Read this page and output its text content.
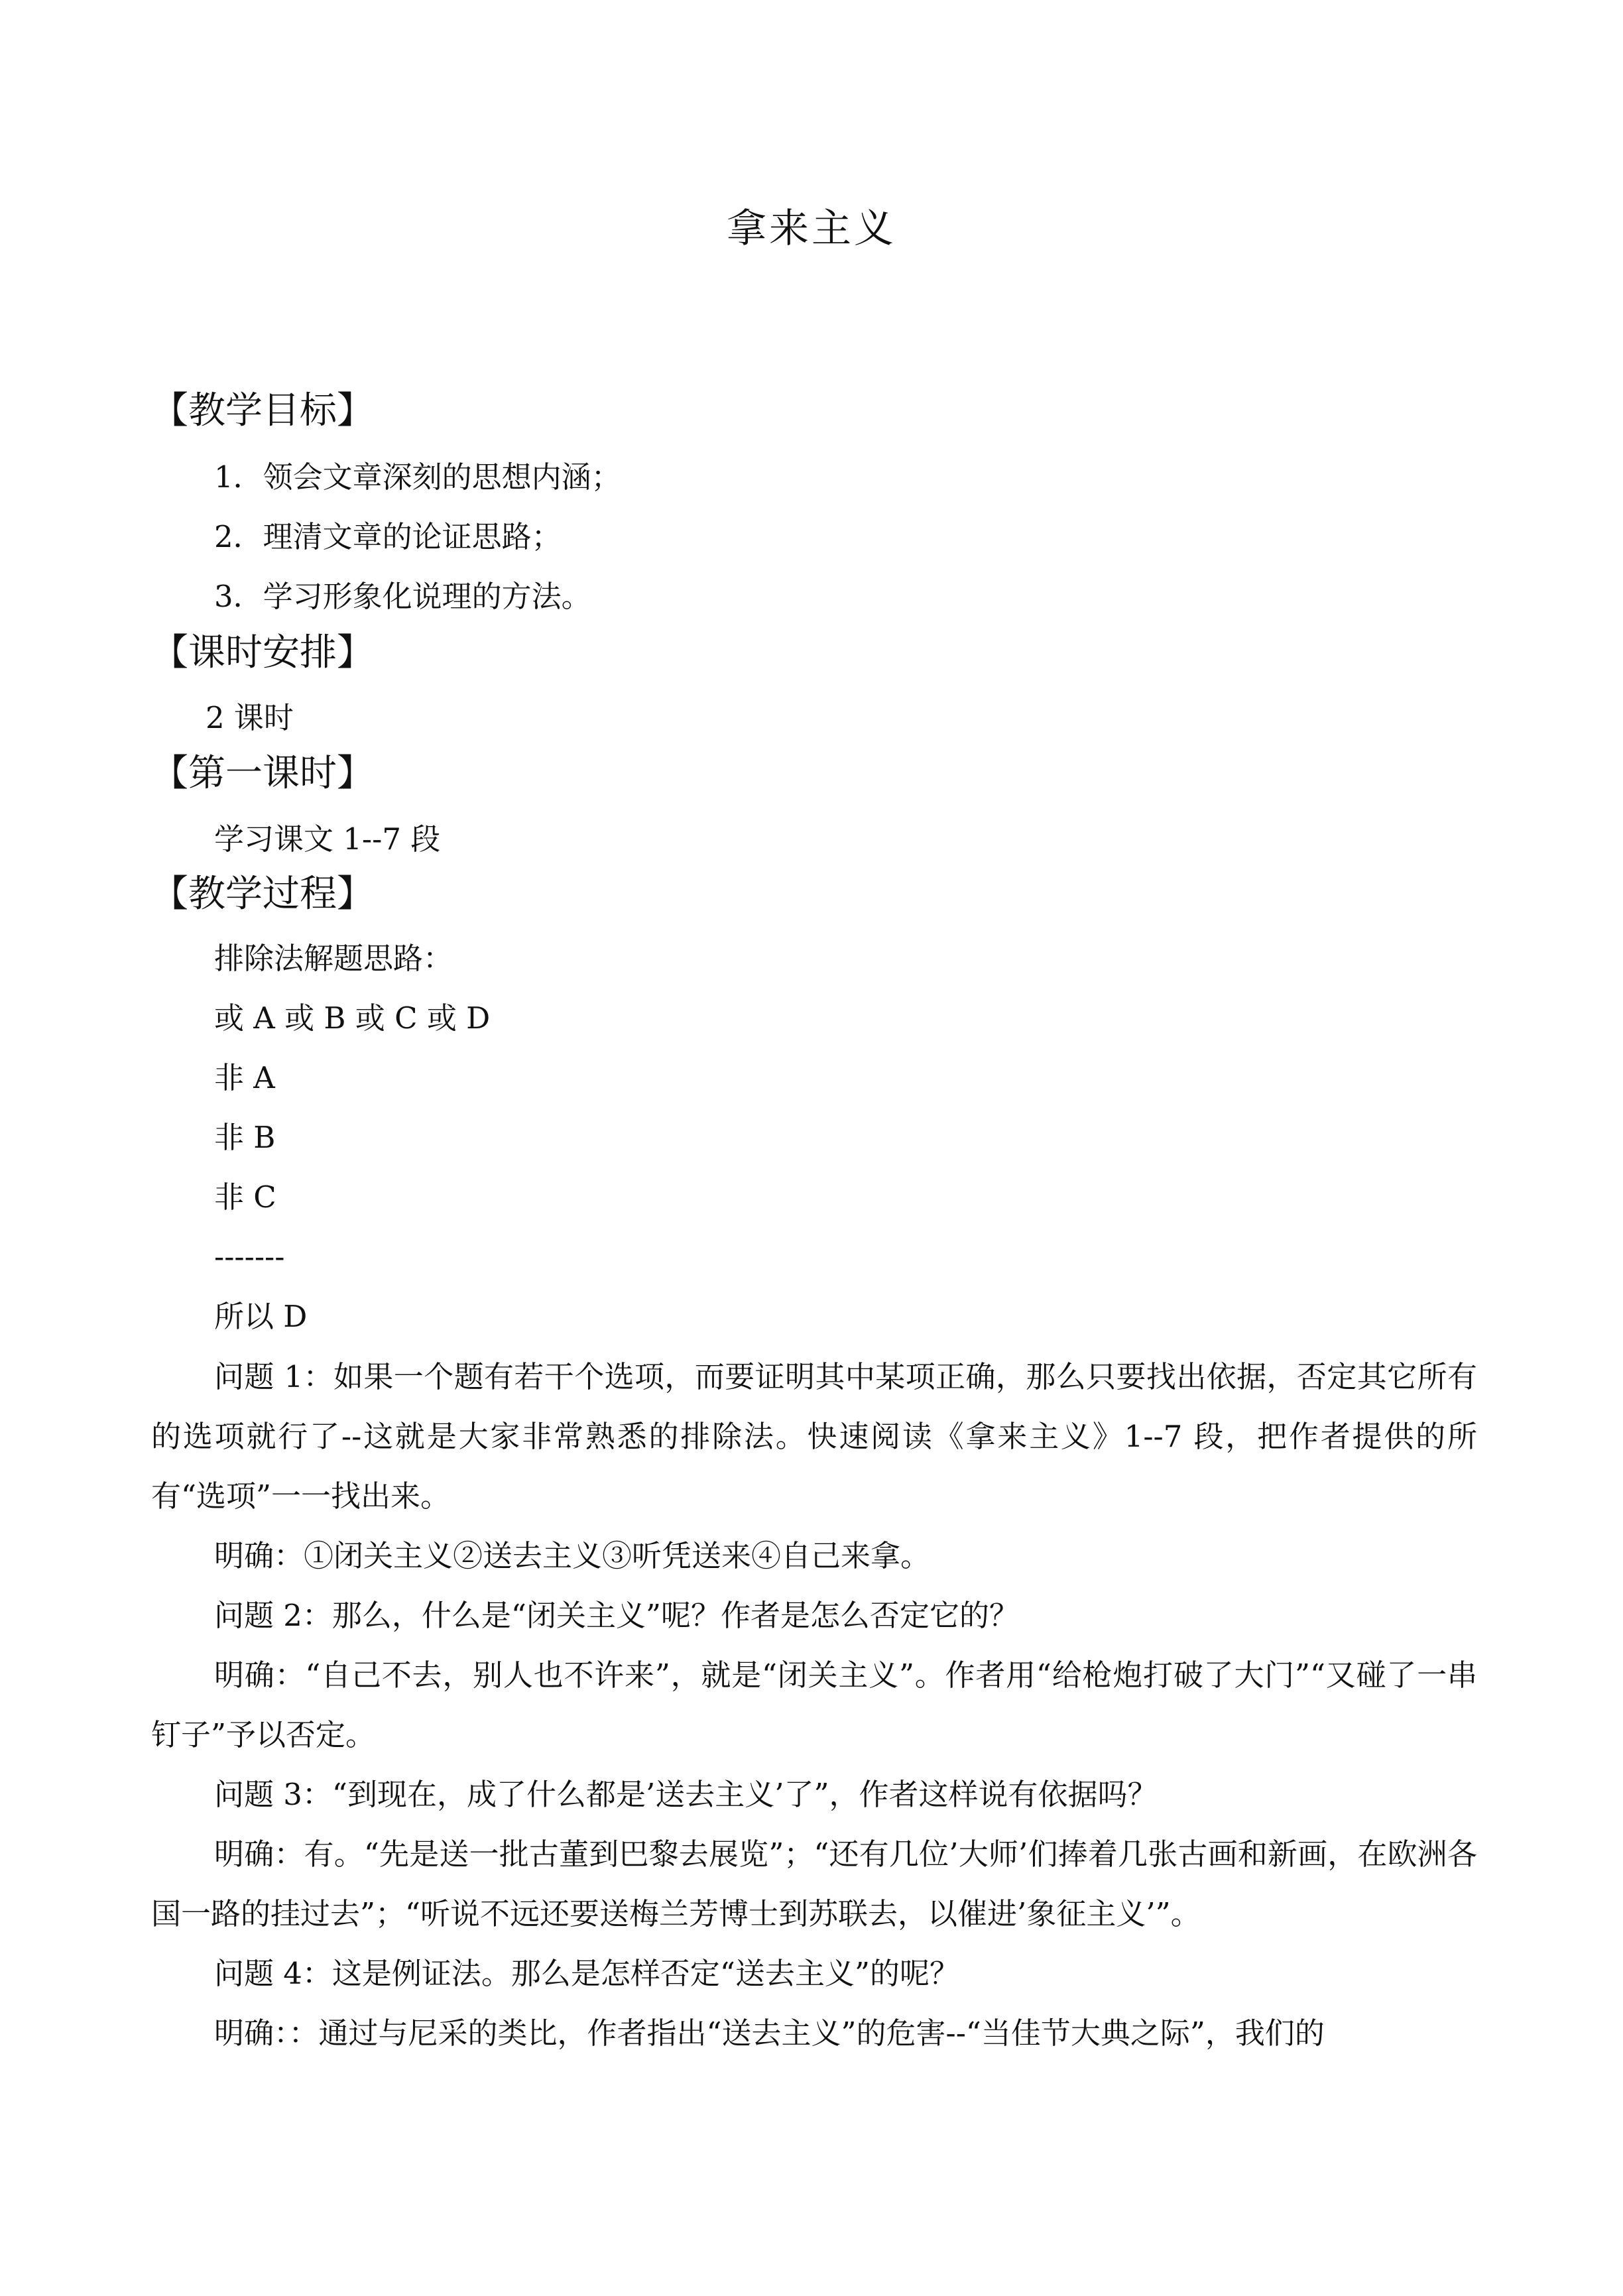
拿来主义
【教学目标】
1．领会文章深刻的思想内涵；
2．理清文章的论证思路；
3．学习形象化说理的方法。
【课时安排】
2 课时
【第一课时】
学习课文 1--7 段
【教学过程】
排除法解题思路：
或 A 或 B 或 C 或 D
非 A
非 B
非 C
-------
所以 D
问题 1：如果一个题有若干个选项，而要证明其中某项正确，那么只要找出依据，否定其它所有的选项就行了--这就是大家非常熟悉的排除法。快速阅读《拿来主义》1--7 段，把作者提供的所有“选项”一一找出来。
明确：①闭关主义②送去主义③听凭送来④自己来拿。
问题 2：那么，什么是“闭关主义”呢？作者是怎么否定它的？
明确：“自己不去，别人也不许来”，就是“闭关主义”。作者用“给枪炮打破了大门”“又碰了一串钉子”予以否定。
问题 3：“到现在，成了什么都是’送去主义’了”，作者这样说有依据吗？
明确：有。“先是送一批古董到巴黎去展览”；“还有几位’大师’们捧着几张古画和新画，在欧洲各国一路的挂过去”；“听说不远还要送梅兰芳博士到苏联去，以催进’象征主义’”。
问题 4：这是例证法。那么是怎样否定“送去主义”的呢？
明确：：通过与尼采的类比，作者指出“送去主义”的危害--“当佳节大典之际”，我们的
